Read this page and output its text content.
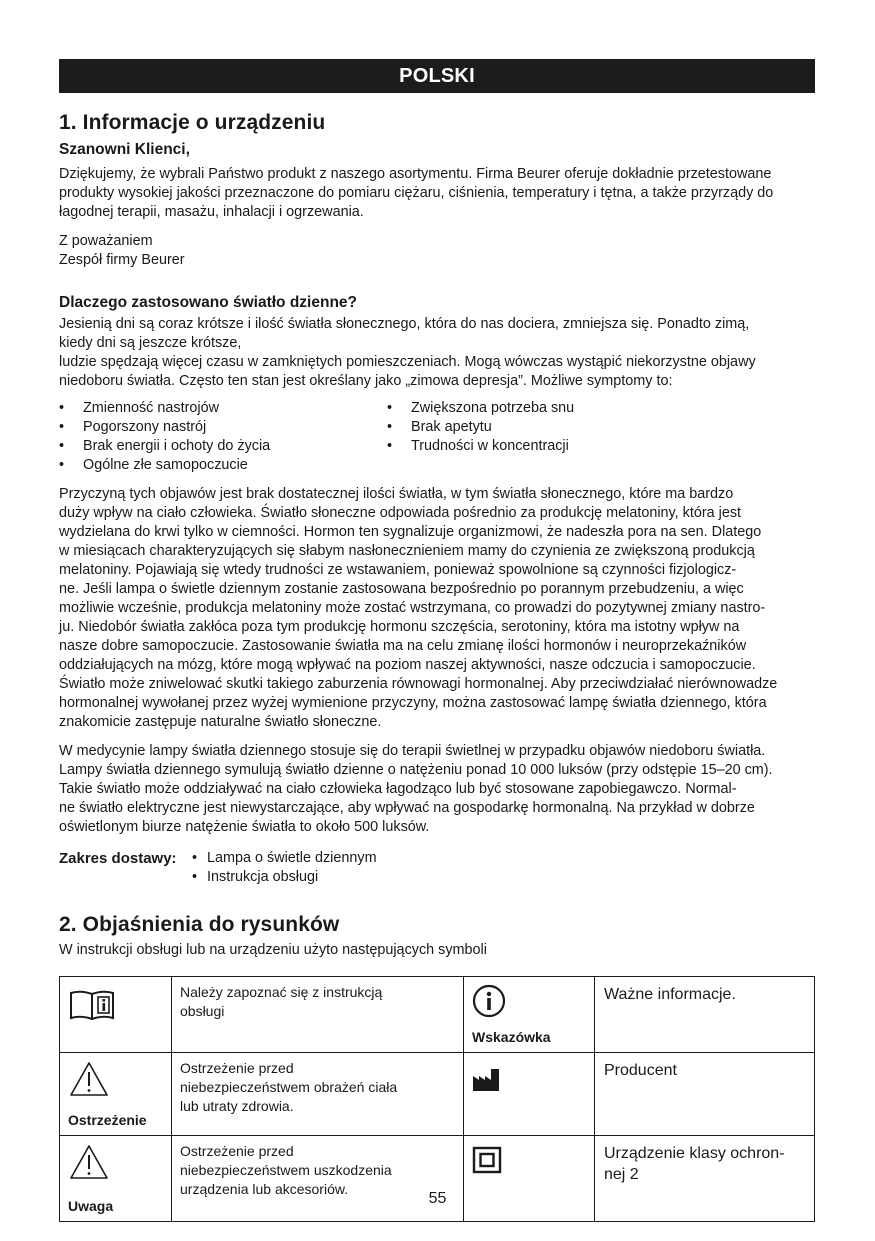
POLSKI
1. Informacje o urządzeniu
Szanowni Klienci,

Dziękujemy, że wybrali Państwo produkt z naszego asortymentu. Firma Beurer oferuje dokładnie przetestowane
produkty wysokiej jakości przeznaczone do pomiaru ciężaru, ciśnienia, temperatury i tętna, a także przyrządy do
łagodnej terapii, masażu, inhalacji i ogrzewania.

Z poważaniem
Zespół firmy Beurer

Dlaczego zastosowano światło dzienne?

Jesienią dni są coraz krótsze i ilość światła słonecznego, która do nas dociera, zmniejsza się. Ponadto zimą,
kiedy dni są jeszcze krótsze,
ludzie spędzają więcej czasu w zamkniętych pomieszczeniach. Mogą wówczas wystąpić niekorzystne objawy
niedoboru światła. Często ten stan jest określany jako „zimowa depresja”. Możliwe symptomy to:

• Zmienność nastrojów
• Pogorszony nastrój
• Brak energii i ochoty do życia
• Ogólne złe samopoczucie
• Zwiększona potrzeba snu
• Brak apetytu
• Trudności w koncentracji

Przyczyną tych objawów jest brak dostatecznej ilości światła, w tym światła słonecznego, które ma bardzo
duży wpływ na ciało człowieka. Światło słoneczne odpowiada pośrednio za produkcję melatoniny, która jest
wydzielana do krwi tylko w ciemności. Hormon ten sygnalizuje organizmowi, że nadeszła pora na sen. Dlatego
w miesiącach charakteryzujących się słabym nasłonecznieniem mamy do czynienia ze zwiększoną produkcją
melatoniny. Pojawiają się wtedy trudności ze wstawaniem, ponieważ spowolnione są czynności fizjologicz-
ne. Jeśli lampa o świetle dziennym zostanie zastosowana bezpośrednio po porannym przebudzeniu, a więc
możliwie wcześnie, produkcja melatoniny może zostać wstrzymana, co prowadzi do pozytywnej zmiany nastro-
ju. Niedobór światła zakłóca poza tym produkcję hormonu szczęścia, serotoniny, która ma istotny wpływ na
nasze dobre samopoczucie. Zastosowanie światła ma na celu zmianę ilości hormonów i neuroprzekaźników
oddziałujących na mózg, które mogą wpływać na poziom naszej aktywności, nasze odczucia i samopoczucie.
Światło może zniwelować skutki takiego zaburzenia równowagi hormonalnej. Aby przeciwdziałać nierównowadze
hormonalnej wywołanej przez wyżej wymienione przyczyny, można zastosować lampę światła dziennego, która
znakomicie zastępuje naturalne światło słoneczne.

W medycynie lampy światła dziennego stosuje się do terapii świetlnej w przypadku objawów niedoboru światła.
Lampy światła dziennego symulują światło dzienne o natężeniu ponad 10 000 luksów (przy odstępie 15–20 cm).
Takie światło może oddziaływać na ciało człowieka łagodząco lub być stosowane zapobiegawczo. Normal-
ne światło elektryczne jest niewystarczające, aby wpływać na gospodarkę hormonalną. Na przykład w dobrze
oświetlonym biurze natężenie światła to około 500 luksów.

Zakres dostawy:	• Lampa o świetle dziennym
• Instrukcja obsługi
2. Objaśnienia do rysunków

W instrukcji obsługi lub na urządzeniu użyto następujących symboli

	Należy zapoznać się z instrukcją
obsługi	Wskazówka	Ważne informacje.

Ostrzeżenie	Ostrzeżenie przed
niebezpieczeństwem obrażeń ciała
lub utraty zdrowia.		Producent

Uwaga	Ostrzeżenie przed
niebezpieczeństwem uszkodzenia
urządzenia lub akcesoriów.		Urządzenie klasy ochron-
nej 2
55
